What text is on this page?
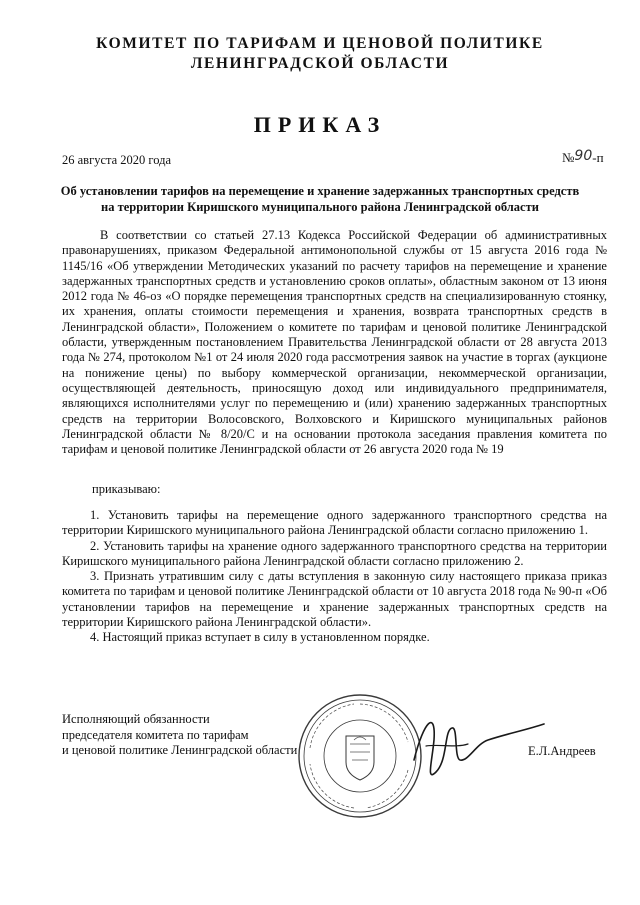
КОМИТЕТ ПО ТАРИФАМ И ЦЕНОВОЙ ПОЛИТИКЕ
ЛЕНИНГРАДСКОЙ ОБЛАСТИ
ПРИКАЗ
26 августа 2020 года	№90-п
Об установлении тарифов на перемещение и хранение задержанных транспортных средств
на территории Киришского муниципального района Ленинградской области

В соответствии со статьей 27.13 Кодекса Российской Федерации об административных правонарушениях, приказом Федеральной антимонопольной службы от 15 августа 2016 года № 1145/16 «Об утверждении Методических указаний по расчету тарифов на перемещение и хранение задержанных транспортных средств и установлению сроков оплаты», областным законом от 13 июня 2012 года № 46-оз «О порядке перемещения транспортных средств на специализированную стоянку, их хранения, оплаты стоимости перемещения и хранения, возврата транспортных средств в Ленинградской области», Положением о комитете по тарифам и ценовой политике Ленинградской области, утвержденным постановлением Правительства Ленинградской области от 28 августа 2013 года № 274, протоколом №1 от 24 июля 2020 года рассмотрения заявок на участие в торгах (аукционе на понижение цены) по выбору коммерческой организации, некоммерческой организации, осуществляющей деятельность, приносящую доход или индивидуального предпринимателя, являющихся исполнителями услуг по перемещению и (или) хранению задержанных транспортных средств на территории Волосовского, Волховского и Киришского муниципальных районов Ленинградской области № 8/20/С и на основании протокола заседания правления комитета по тарифам и ценовой политике Ленинградской области от 26 августа 2020 года № 19

приказываю:

1. Установить тарифы на перемещение одного задержанного транспортного средства на территории Киришского муниципального района Ленинградской области согласно приложению 1.

2. Установить тарифы на хранение одного задержанного транспортного средства на территории Киришского муниципального района Ленинградской области согласно приложению 2.

3. Признать утратившим силу с даты вступления в законную силу настоящего приказа приказ комитета по тарифам и ценовой политике Ленинградской области от 10 августа 2018 года № 90-п «Об установлении тарифов на перемещение и хранение задержанных транспортных средств на территории Киришского района Ленинградской области».

4. Настоящий приказ вступает в силу в установленном порядке.

Исполняющий обязанности
председателя комитета по тарифам
и ценовой политике Ленинградской области	Е.Л.Андреев
